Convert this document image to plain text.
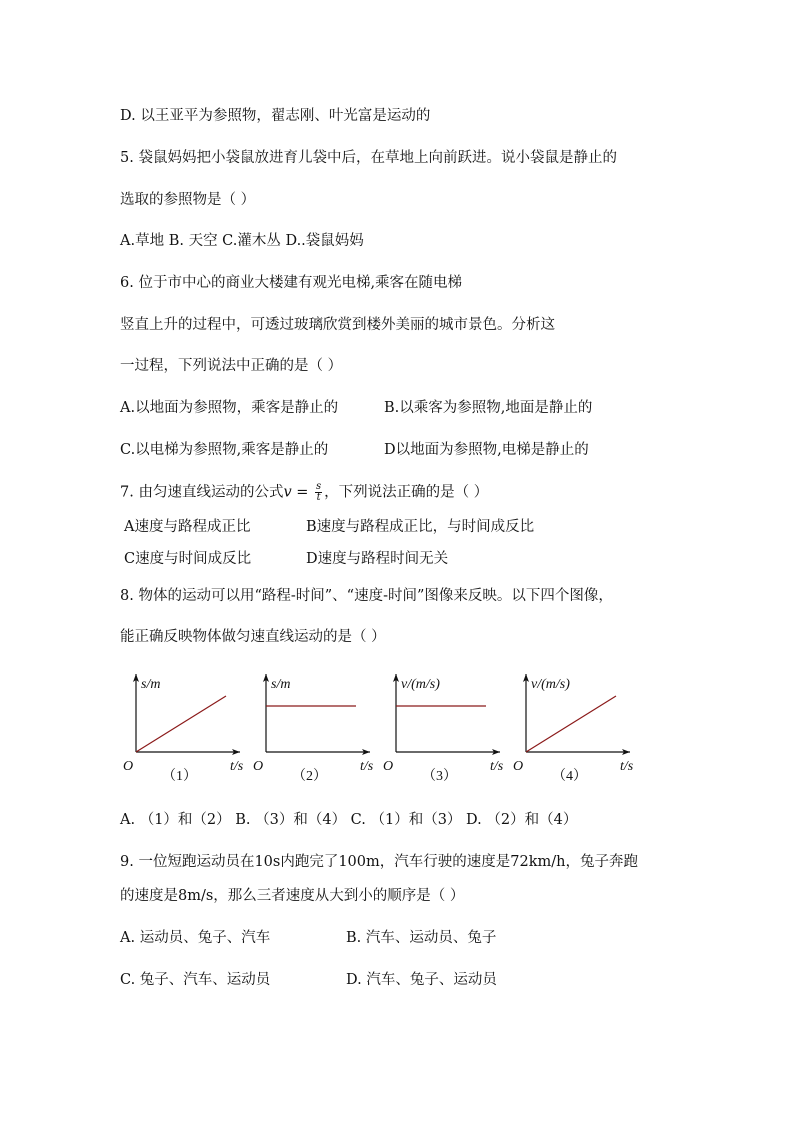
D. 以王亚平为参照物，翟志刚、叶光富是运动的
5. 袋鼠妈妈把小袋鼠放进育儿袋中后，在草地上向前跃进。说小袋鼠是静止的
选取的参照物是（ ）
A.草地 B. 天空 C.灌木丛 D..袋鼠妈妈
6. 位于市中心的商业大楼建有观光电梯,乘客在随电梯
竖直上升的过程中，可透过玻璃欣赏到楼外美丽的城市景色。分析这
一过程，下列说法中正确的是（ ）
A.以地面为参照物，乘客是静止的	B.以乘客为参照物,地面是静止的
C.以电梯为参照物,乘客是静止的	D以地面为参照物,电梯是静止的
7. 由匀速直线运动的公式$v = \frac{s}{t}$ ，下列说法正确的是（ ）
A速度与路程成正比	B速度与路程成正比，与时间成反比
C速度与时间成反比	D速度与路程时间无关
8. 物体的运动可以用“路程-时间”、“速度-时间”图像来反映。以下四个图像，
能正确反映物体做匀速直线运动的是（ ）
s/m
t/s
O
（1）
s/m
t/s
O
（2）
v/(m/s)
t/s
O
（3）
v/(m/s)
t/s
O
（4）
A. （1）和（2） B. （3）和（4） C. （1）和（3） D. （2）和（4）
9. 一位短跑运动员在10s内跑完了100m，汽车行驶的速度是72km/h，兔子奔跑
的速度是8m/s，那么三者速度从大到小的顺序是（ ）
A. 运动员、兔子、汽车	B. 汽车、运动员、兔子
C. 兔子、汽车、运动员	D. 汽车、兔子、运动员
